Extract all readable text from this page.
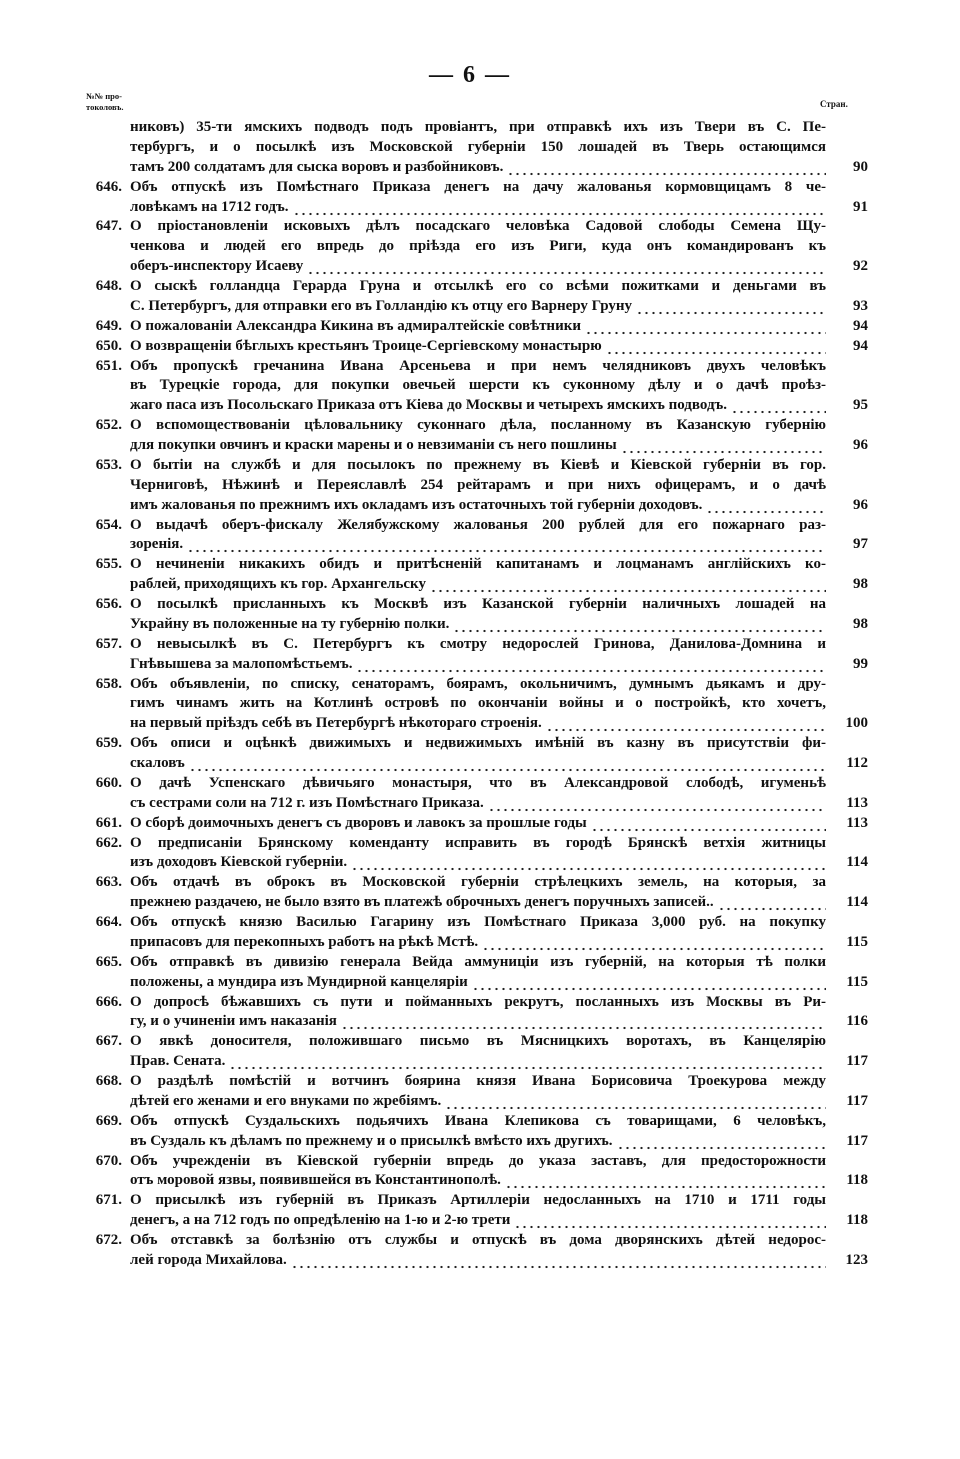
— 6 —
№№ про-
токоловъ.	Стран.
никовъ) 35-ти ямскихъ подводъ подъ провіантъ, при отправкѣ ихъ изъ Твери въ С. Пе-
тербургъ, и о посылкѣ изъ Московской губерніи 150 лошадей въ Тверь остающимся
тамъ 200 солдатамъ для сыска воровъ и разбойниковъ.	90
646. Объ отпускѣ изъ Помѣстнаго Приказа денегъ на дачу жалованья кормовщицамъ 8 че-
ловѣкамъ на 1712 годъ.	91
647. О пріостановленіи исковыхъ дѣлъ посадскаго человѣка Садовой слободы Семена Щу-
ченкова и людей его впредь до пріѣзда его изъ Риги, куда онъ командированъ къ
оберъ-инспектору Исаеву	92
648. О сыскѣ голландца Герарда Груна и отсылкѣ его со всѣми пожитками и деньгами въ
С. Петербургъ, для отправки его въ Голландію къ отцу его Варнеру Груну	93
649. О пожалованіи Александра Кикина въ адмиралтейскіе совѣтники	94
650. О возвращеніи бѣглыхъ крестьянъ Троице-Сергіевскому монастырю	94
651. Объ пропускѣ гречанина Ивана Арсеньева и при немъ челядниковъ двухъ человѣкъ
въ Турецкіе города, для покупки овечьей шерсти къ суконному дѣлу и о дачѣ проѣз-
жаго паса изъ Посольскаго Приказа отъ Кіева до Москвы и четырехъ ямскихъ подводъ.	95
652. О вспомоществованіи цѣловальнику суконнаго дѣла, посланному въ Казанскую губернію
для покупки овчинъ и краски марены и о невзиманіи съ него пошлины	96
653. О бытіи на службѣ и для посылокъ по прежнему въ Кіевѣ и Кіевской губерніи въ гор.
Черниговѣ, Нѣжинѣ и Переяславлѣ 254 рейтарамъ и при нихъ офицерамъ, и о дачѣ
имъ жалованья по прежнимъ ихъ окладамъ изъ остаточныхъ той губерніи доходовъ.	96
654. О выдачѣ оберъ-фискалу Желябужскому жалованья 200 рублей для его пожарнаго раз-
зоренія.	97
655. О нечиненіи никакихъ обидъ и притѣсненій капитанамъ и лоцманамъ англійскихъ ко-
раблей, приходящихъ къ гор. Архангельску	98
656. О посылкѣ присланныхъ къ Москвѣ изъ Казанской губерніи наличныхъ лошадей на
Украйну въ положенные на ту губернію полки.	98
657. О невысылкѣ въ С. Петербургъ къ смотру недорослей Гринова, Данилова-Домнина и
Гнѣвышева за малопомѣстьемъ.	99
658. Объ объявленіи, по списку, сенаторамъ, боярамъ, окольничимъ, думнымъ дьякамъ и дру-
гимъ чинамъ жить на Котлинѣ островѣ по окончаніи войны и о постройкѣ, кто хочетъ,
на первый пріѣздъ себѣ въ Петербургѣ нѣкотораго строенія.	100
659. Объ описи и оцѣнкѣ движимыхъ и недвижимыхъ имѣній въ казну въ присутствіи фи-
скаловъ	112
660. О дачѣ Успенскаго дѣвичьяго монастыря, что въ Александровой слободѣ, игуменьѣ
съ сестрами соли на 712 г. изъ Помѣстнаго Приказа.	113
661. О сборѣ доимочныхъ денегъ съ дворовъ и лавокъ за прошлые годы	113
662. О предписаніи Брянскому коменданту исправить въ городѣ Брянскѣ ветхія житницы
изъ доходовъ Кіевской губерніи.	114
663. Объ отдачѣ въ оброкъ въ Московской губерніи стрѣлецкихъ земель, на которыя, за
прежнею раздачею, не было взято въ платежѣ оброчныхъ денегъ поручныхъ записей..	114
664. Объ отпускѣ князю Василью Гагарину изъ Помѣстнаго Приказа 3,000 руб. на покупку
припасовъ для перекопныхъ работъ на рѣкѣ Мстѣ.	115
665. Объ отправкѣ въ дивизію генерала Вейда аммуниціи изъ губерній, на которыя тѣ полки
положены, а мундира изъ Мундирной канцеляріи	115
666. О допросѣ бѣжавшихъ съ пути и пойманныхъ рекрутъ, посланныхъ изъ Москвы въ Ри-
гу, и о учиненіи имъ наказанія	116
667. О явкѣ доносителя, положившаго письмо въ Мясницкихъ воротахъ, въ Канцелярію
Прав. Сената.	117
668. О раздѣлѣ помѣстій и вотчинъ боярина князя Ивана Борисовича Троекурова между
дѣтей его женами и его внуками по жребіямъ.	117
669. Объ отпускѣ Суздальскихъ подьячихъ Ивана Клепикова съ товарищами, 6 человѣкъ,
въ Суздаль къ дѣламъ по прежнему и о присылкѣ вмѣсто ихъ другихъ.	117
670. Объ учрежденіи въ Кіевской губерніи впредь до указа заставъ, для предосторожности
отъ моровой язвы, появившейся въ Константинополѣ.	118
671. О присылкѣ изъ губерній въ Приказъ Артиллеріи недосланныхъ на 1710 и 1711 годы
денегъ, а на 712 годъ по опредѣленію на 1-ю и 2-ю трети	118
672. Объ отставкѣ за болѣзнію отъ службы и отпускѣ въ дома дворянскихъ дѣтей недорос-
лей города Михайлова.	123
